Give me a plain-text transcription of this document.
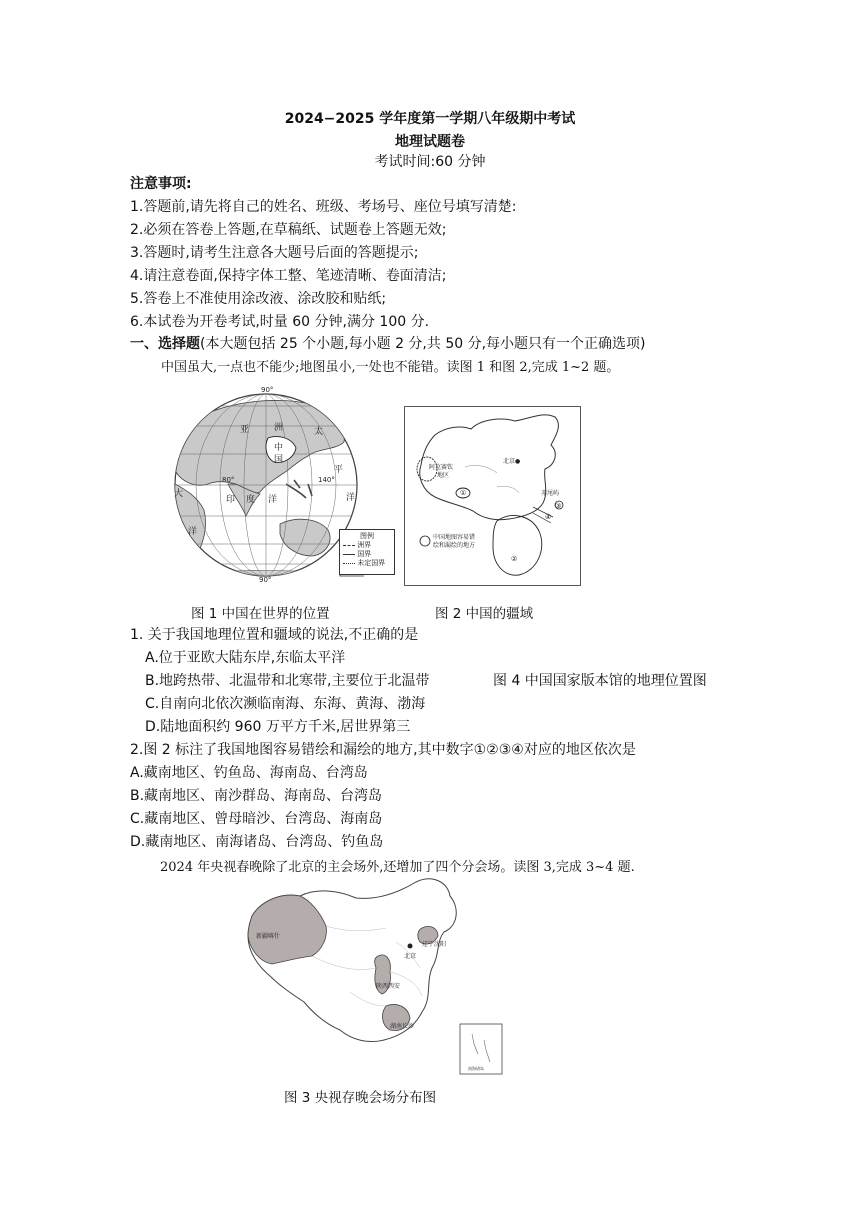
2024−2025 学年度第一学期八年级期中考试
地理试题卷
考试时间:60 分钟
注意事项:
1.答题前,请先将自己的姓名、班级、考场号、座位号填写清楚:
2.必须在答卷上答题,在草稿纸、试题卷上答题无效;
3.答题时,请考生注意各大题号后面的答题提示;
4.请注意卷面,保持字体工整、笔迹清晰、卷面清洁;
5.答卷上不准使用涂改液、涂改胶和贴纸;
6.本试卷为开卷考试,时量 60 分钟,满分 100 分.
一、选择题(本大题包括 25 个小题,每小题 2 分,共 50 分,每小题只有一个正确选项)
中国虽大,一点也不能少;地图虽小,一处也不能错。读图 1 和图 2,完成 1~2 题。
90°
90°
80°	140°
亚	洲
中
国
太
平
洋
印 度 洋
大
洋	图例
洲界
国界
未定国界
北京●
阿克赛钦
地区
赤尾屿
中国地图容易错
绘和漏绘的地方
①
②
③
④
图 1 中国在世界的位置	图 2 中国的疆域
1. 关于我国地理位置和疆域的说法,不正确的是
A.位于亚欧大陆东岸,东临太平洋
B.地跨热带、北温带和北寒带,主要位于北温带	图 4 中国国家版本馆的地理位置图
C.自南向北依次濒临南海、东海、黄海、渤海
D.陆地面积约 960 万平方千米,居世界第三
2.图 2 标注了我国地图容易错绘和漏绘的地方,其中数字①②③④对应的地区依次是
A.藏南地区、钓鱼岛、海南岛、台湾岛
B.藏南地区、南沙群岛、海南岛、台湾岛
C.藏南地区、曾母暗沙、台湾岛、海南岛
D.藏南地区、南海诸岛、台湾岛、钓鱼岛
2024 年央视春晚除了北京的主会场外,还增加了四个分会场。读图 3,完成 3~4 题.
新疆喀什
辽宁沈阳
北京
陕西西安
湖南长沙
南海诸岛
图 3 央视存晚会场分布图
